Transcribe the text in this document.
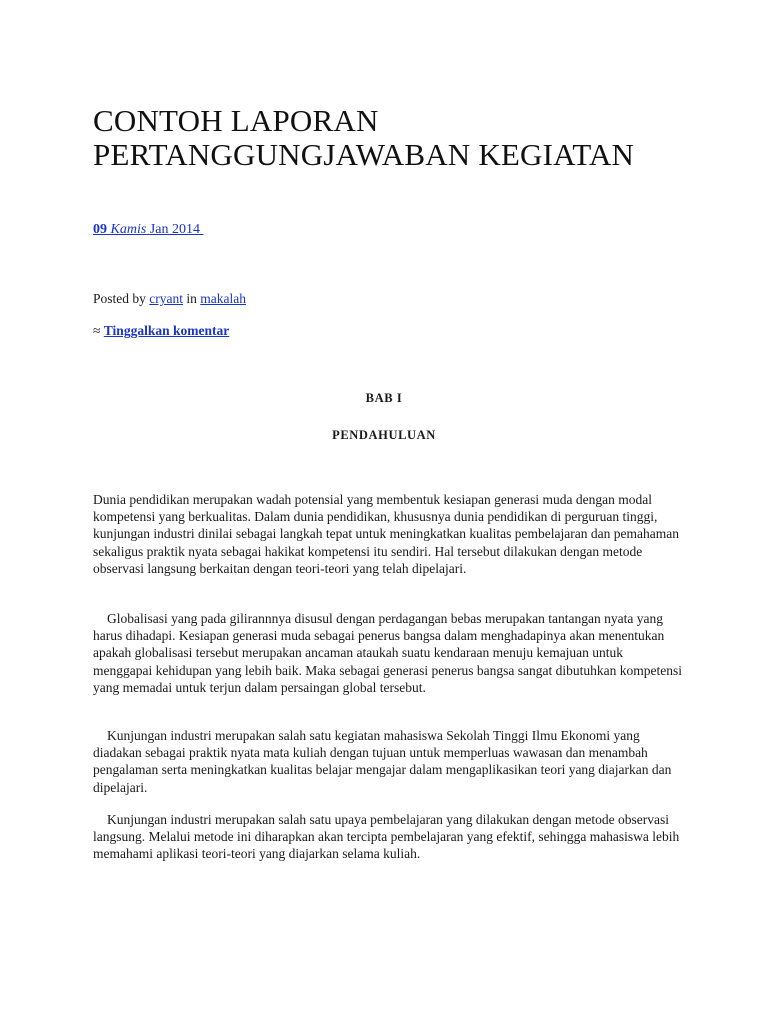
CONTOH LAPORAN
PERTANGGUNGJAWABAN KEGIATAN
09 Kamis Jan 2014
Posted by cryant in makalah
≈ Tinggalkan komentar
BAB I
PENDAHULUAN

Dunia pendidikan merupakan wadah potensial yang membentuk kesiapan generasi muda dengan modal kompetensi yang berkualitas. Dalam dunia pendidikan, khususnya dunia pendidikan di perguruan tinggi, kunjungan industri dinilai sebagai langkah tepat untuk meningkatkan kualitas pembelajaran dan pemahaman sekaligus praktik nyata sebagai hakikat kompetensi itu sendiri. Hal tersebut dilakukan dengan metode observasi langsung berkaitan dengan teori-teori yang telah dipelajari.

Globalisasi yang pada gilirannnya disusul dengan perdagangan bebas merupakan tantangan nyata yang harus dihadapi. Kesiapan generasi muda sebagai penerus bangsa dalam menghadapinya akan menentukan apakah globalisasi tersebut merupakan ancaman ataukah suatu kendaraan menuju kemajuan untuk menggapai kehidupan yang lebih baik. Maka sebagai generasi penerus bangsa sangat dibutuhkan kompetensi yang memadai untuk terjun dalam persaingan global tersebut.

Kunjungan industri merupakan salah satu kegiatan mahasiswa Sekolah Tinggi Ilmu Ekonomi yang diadakan sebagai praktik nyata mata kuliah dengan tujuan untuk memperluas wawasan dan menambah pengalaman serta meningkatkan kualitas belajar mengajar dalam mengaplikasikan teori yang diajarkan dan dipelajari.

Kunjungan industri merupakan salah satu upaya pembelajaran yang dilakukan dengan metode observasi langsung. Melalui metode ini diharapkan akan tercipta pembelajaran yang efektif, sehingga mahasiswa lebih memahami aplikasi teori-teori yang diajarkan selama kuliah.
